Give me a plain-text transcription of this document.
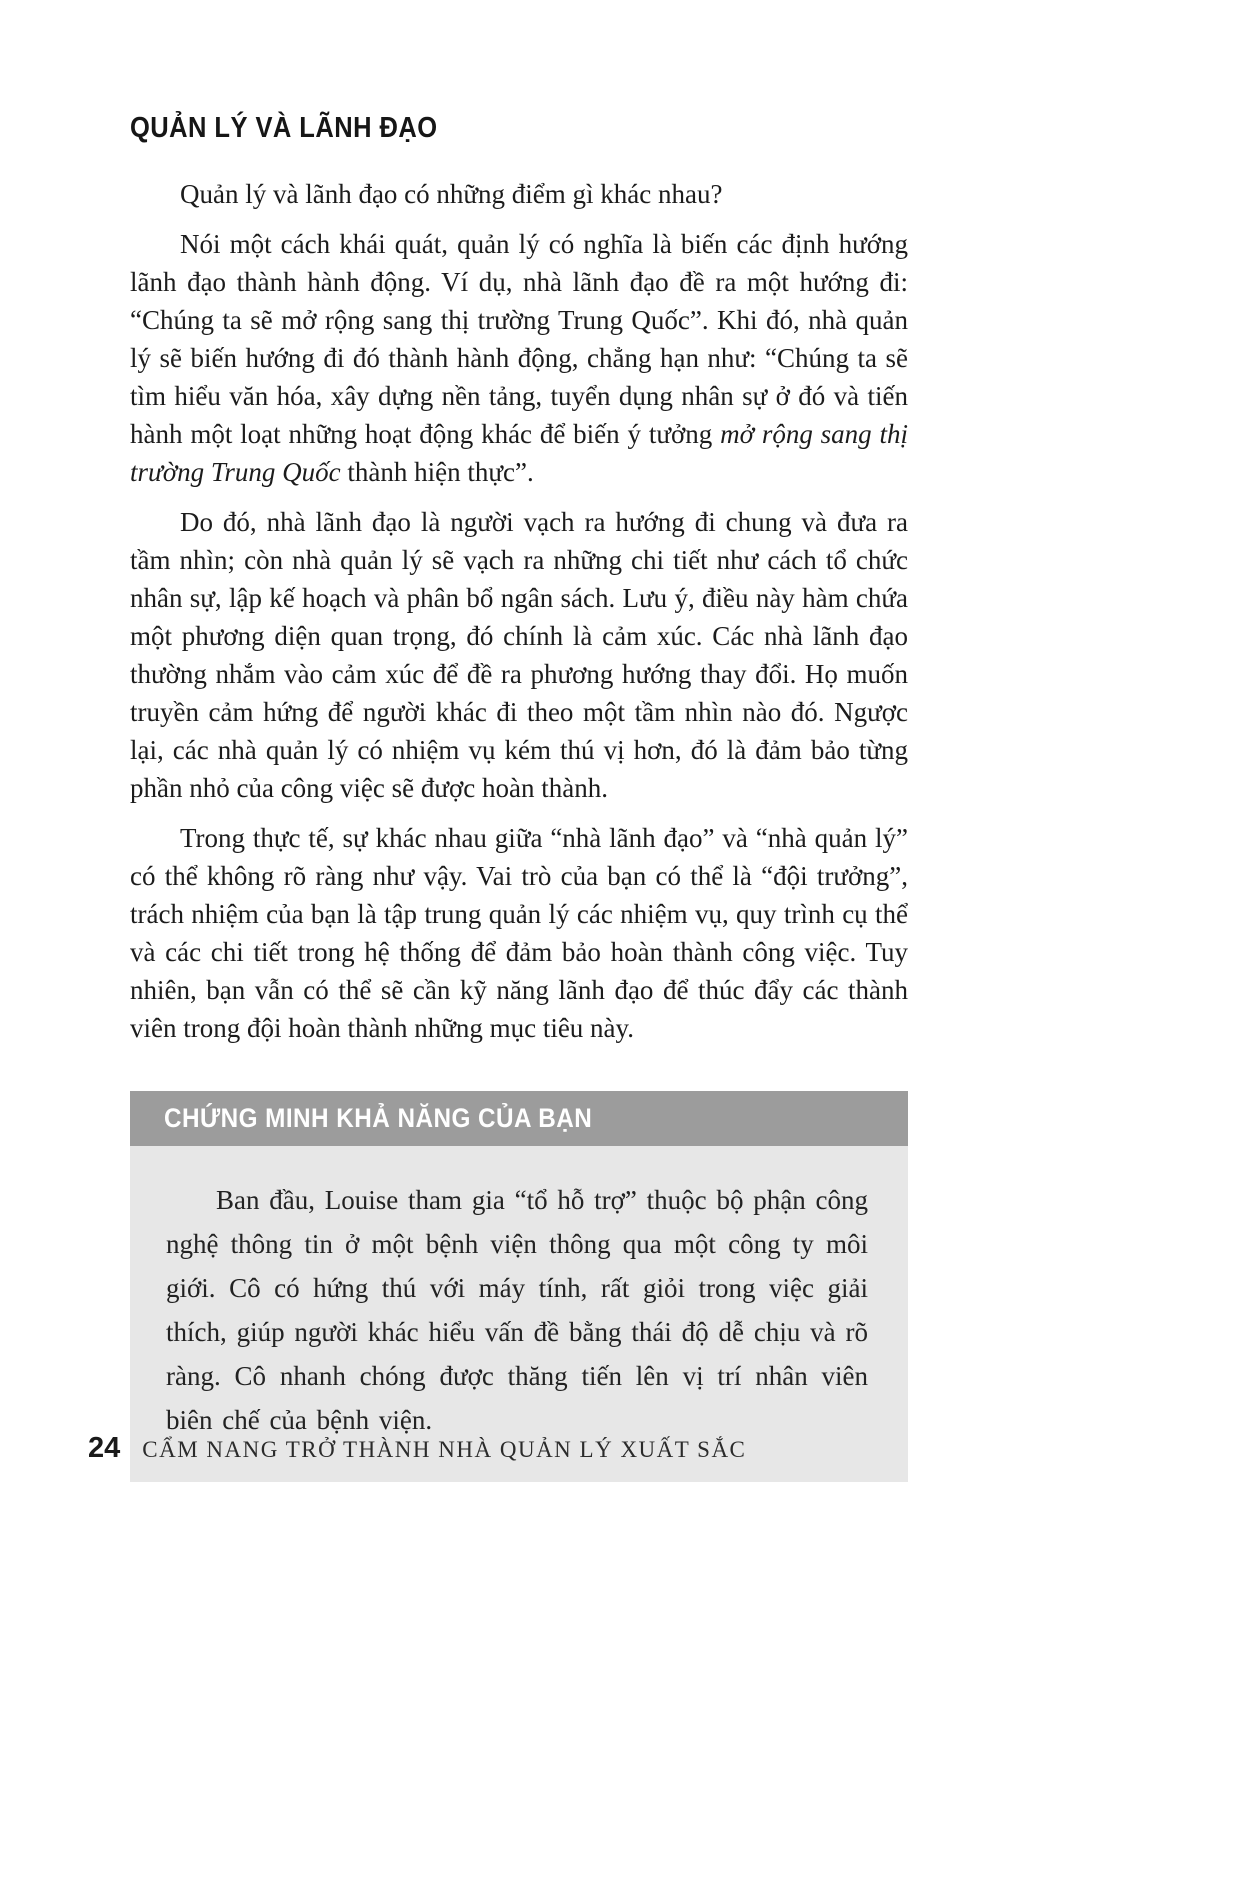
QUẢN LÝ VÀ LÃNH ĐẠO

Quản lý và lãnh đạo có những điểm gì khác nhau?

Nói một cách khái quát, quản lý có nghĩa là biến các định hướng lãnh đạo thành hành động. Ví dụ, nhà lãnh đạo đề ra một hướng đi: “Chúng ta sẽ mở rộng sang thị trường Trung Quốc”. Khi đó, nhà quản lý sẽ biến hướng đi đó thành hành động, chẳng hạn như: “Chúng ta sẽ tìm hiểu văn hóa, xây dựng nền tảng, tuyển dụng nhân sự ở đó và tiến hành một loạt những hoạt động khác để biến ý tưởng mở rộng sang thị trường Trung Quốc thành hiện thực”.

Do đó, nhà lãnh đạo là người vạch ra hướng đi chung và đưa ra tầm nhìn; còn nhà quản lý sẽ vạch ra những chi tiết như cách tổ chức nhân sự, lập kế hoạch và phân bổ ngân sách. Lưu ý, điều này hàm chứa một phương diện quan trọng, đó chính là cảm xúc. Các nhà lãnh đạo thường nhắm vào cảm xúc để đề ra phương hướng thay đổi. Họ muốn truyền cảm hứng để người khác đi theo một tầm nhìn nào đó. Ngược lại, các nhà quản lý có nhiệm vụ kém thú vị hơn, đó là đảm bảo từng phần nhỏ của công việc sẽ được hoàn thành.

Trong thực tế, sự khác nhau giữa “nhà lãnh đạo” và “nhà quản lý” có thể không rõ ràng như vậy. Vai trò của bạn có thể là “đội trưởng”, trách nhiệm của bạn là tập trung quản lý các nhiệm vụ, quy trình cụ thể và các chi tiết trong hệ thống để đảm bảo hoàn thành công việc. Tuy nhiên, bạn vẫn có thể sẽ cần kỹ năng lãnh đạo để thúc đẩy các thành viên trong đội hoàn thành những mục tiêu này.

CHỨNG MINH KHẢ NĂNG CỦA BẠN

Ban đầu, Louise tham gia “tổ hỗ trợ” thuộc bộ phận công nghệ thông tin ở một bệnh viện thông qua một công ty môi giới. Cô có hứng thú với máy tính, rất giỏi trong việc giải thích, giúp người khác hiểu vấn đề bằng thái độ dễ chịu và rõ ràng. Cô nhanh chóng được thăng tiến lên vị trí nhân viên biên chế của bệnh viện.

24 CẨM NANG TRỞ THÀNH NHÀ QUẢN LÝ XUẤT SẮC
